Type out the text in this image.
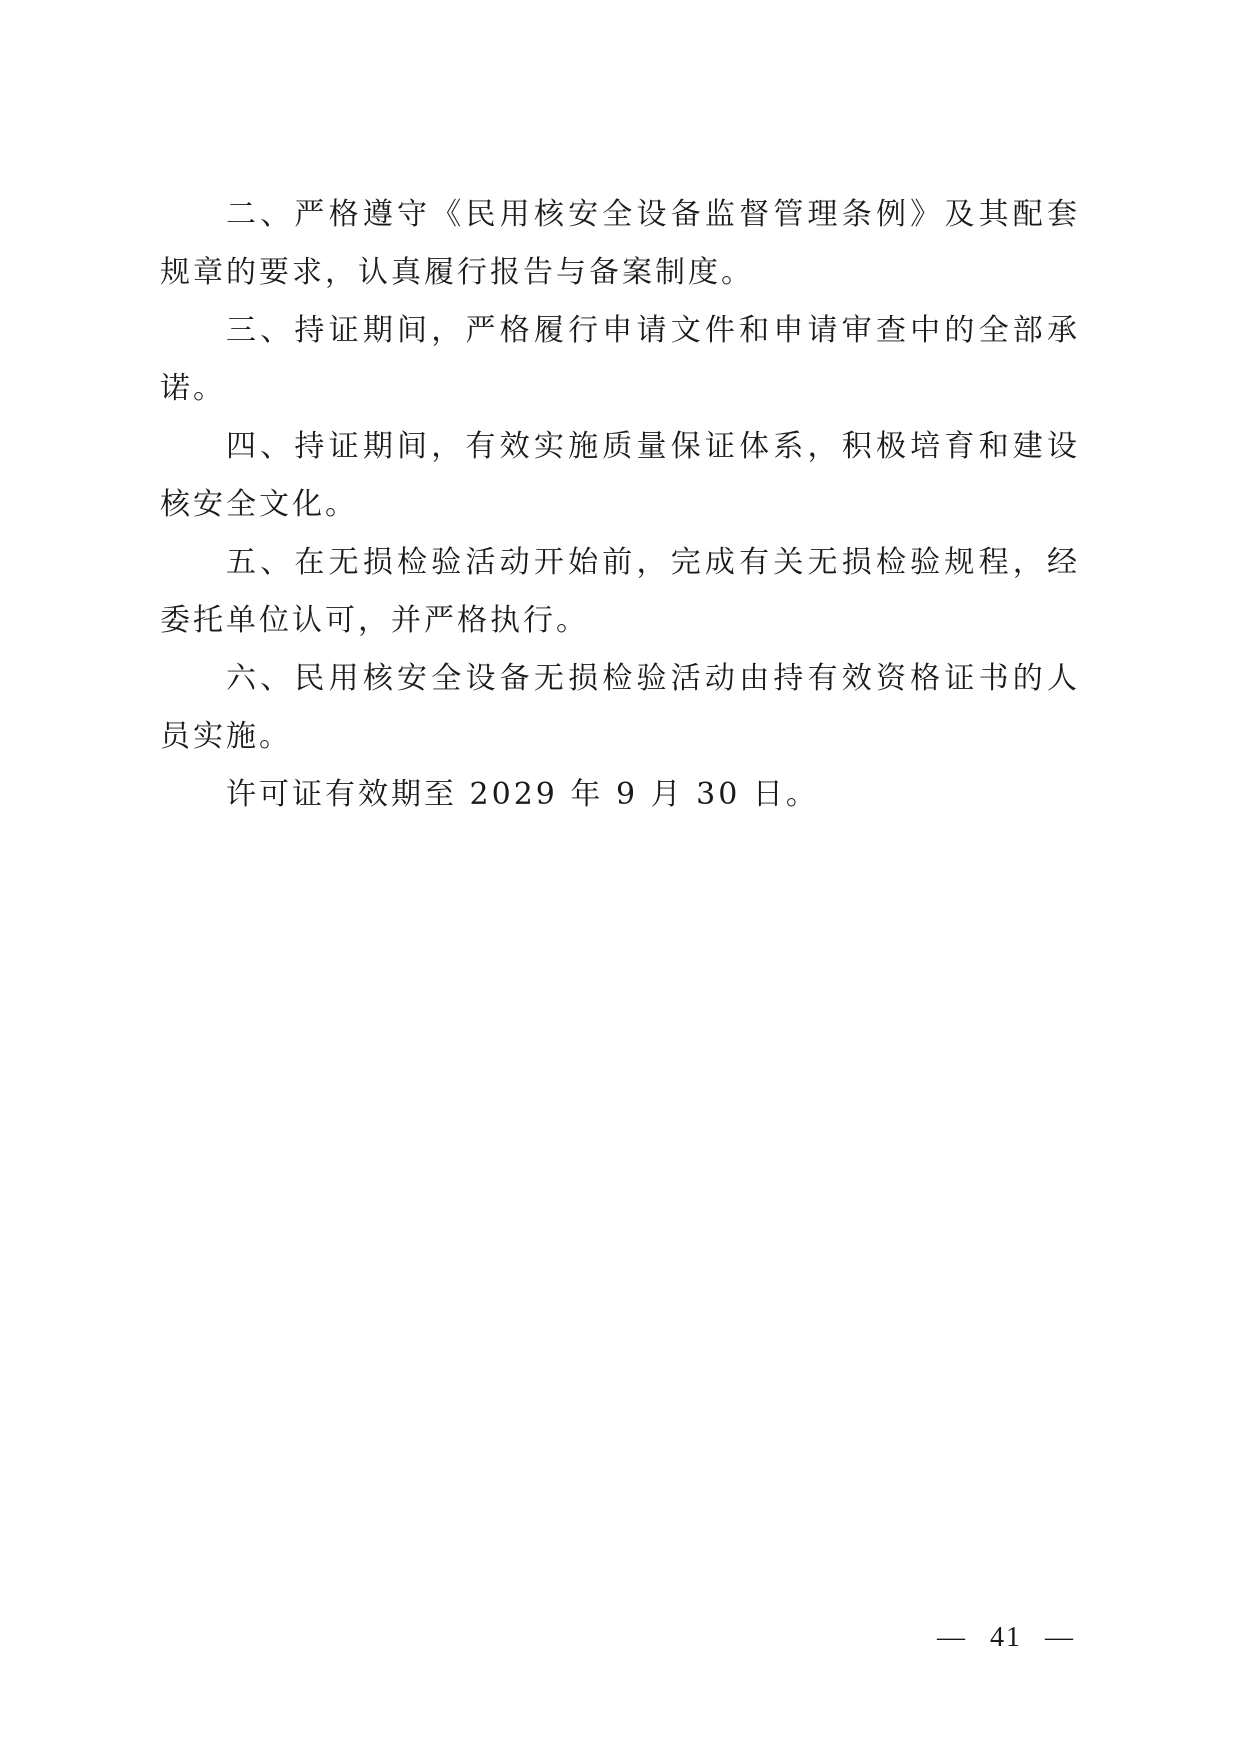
二、严格遵守《民用核安全设备监督管理条例》及其配套规章的要求，认真履行报告与备案制度。

三、持证期间，严格履行申请文件和申请审查中的全部承诺。

四、持证期间，有效实施质量保证体系，积极培育和建设核安全文化。

五、在无损检验活动开始前，完成有关无损检验规程，经委托单位认可，并严格执行。

六、民用核安全设备无损检验活动由持有效资格证书的人员实施。

许可证有效期至 2029 年 9 月 30 日。

— 41 —
